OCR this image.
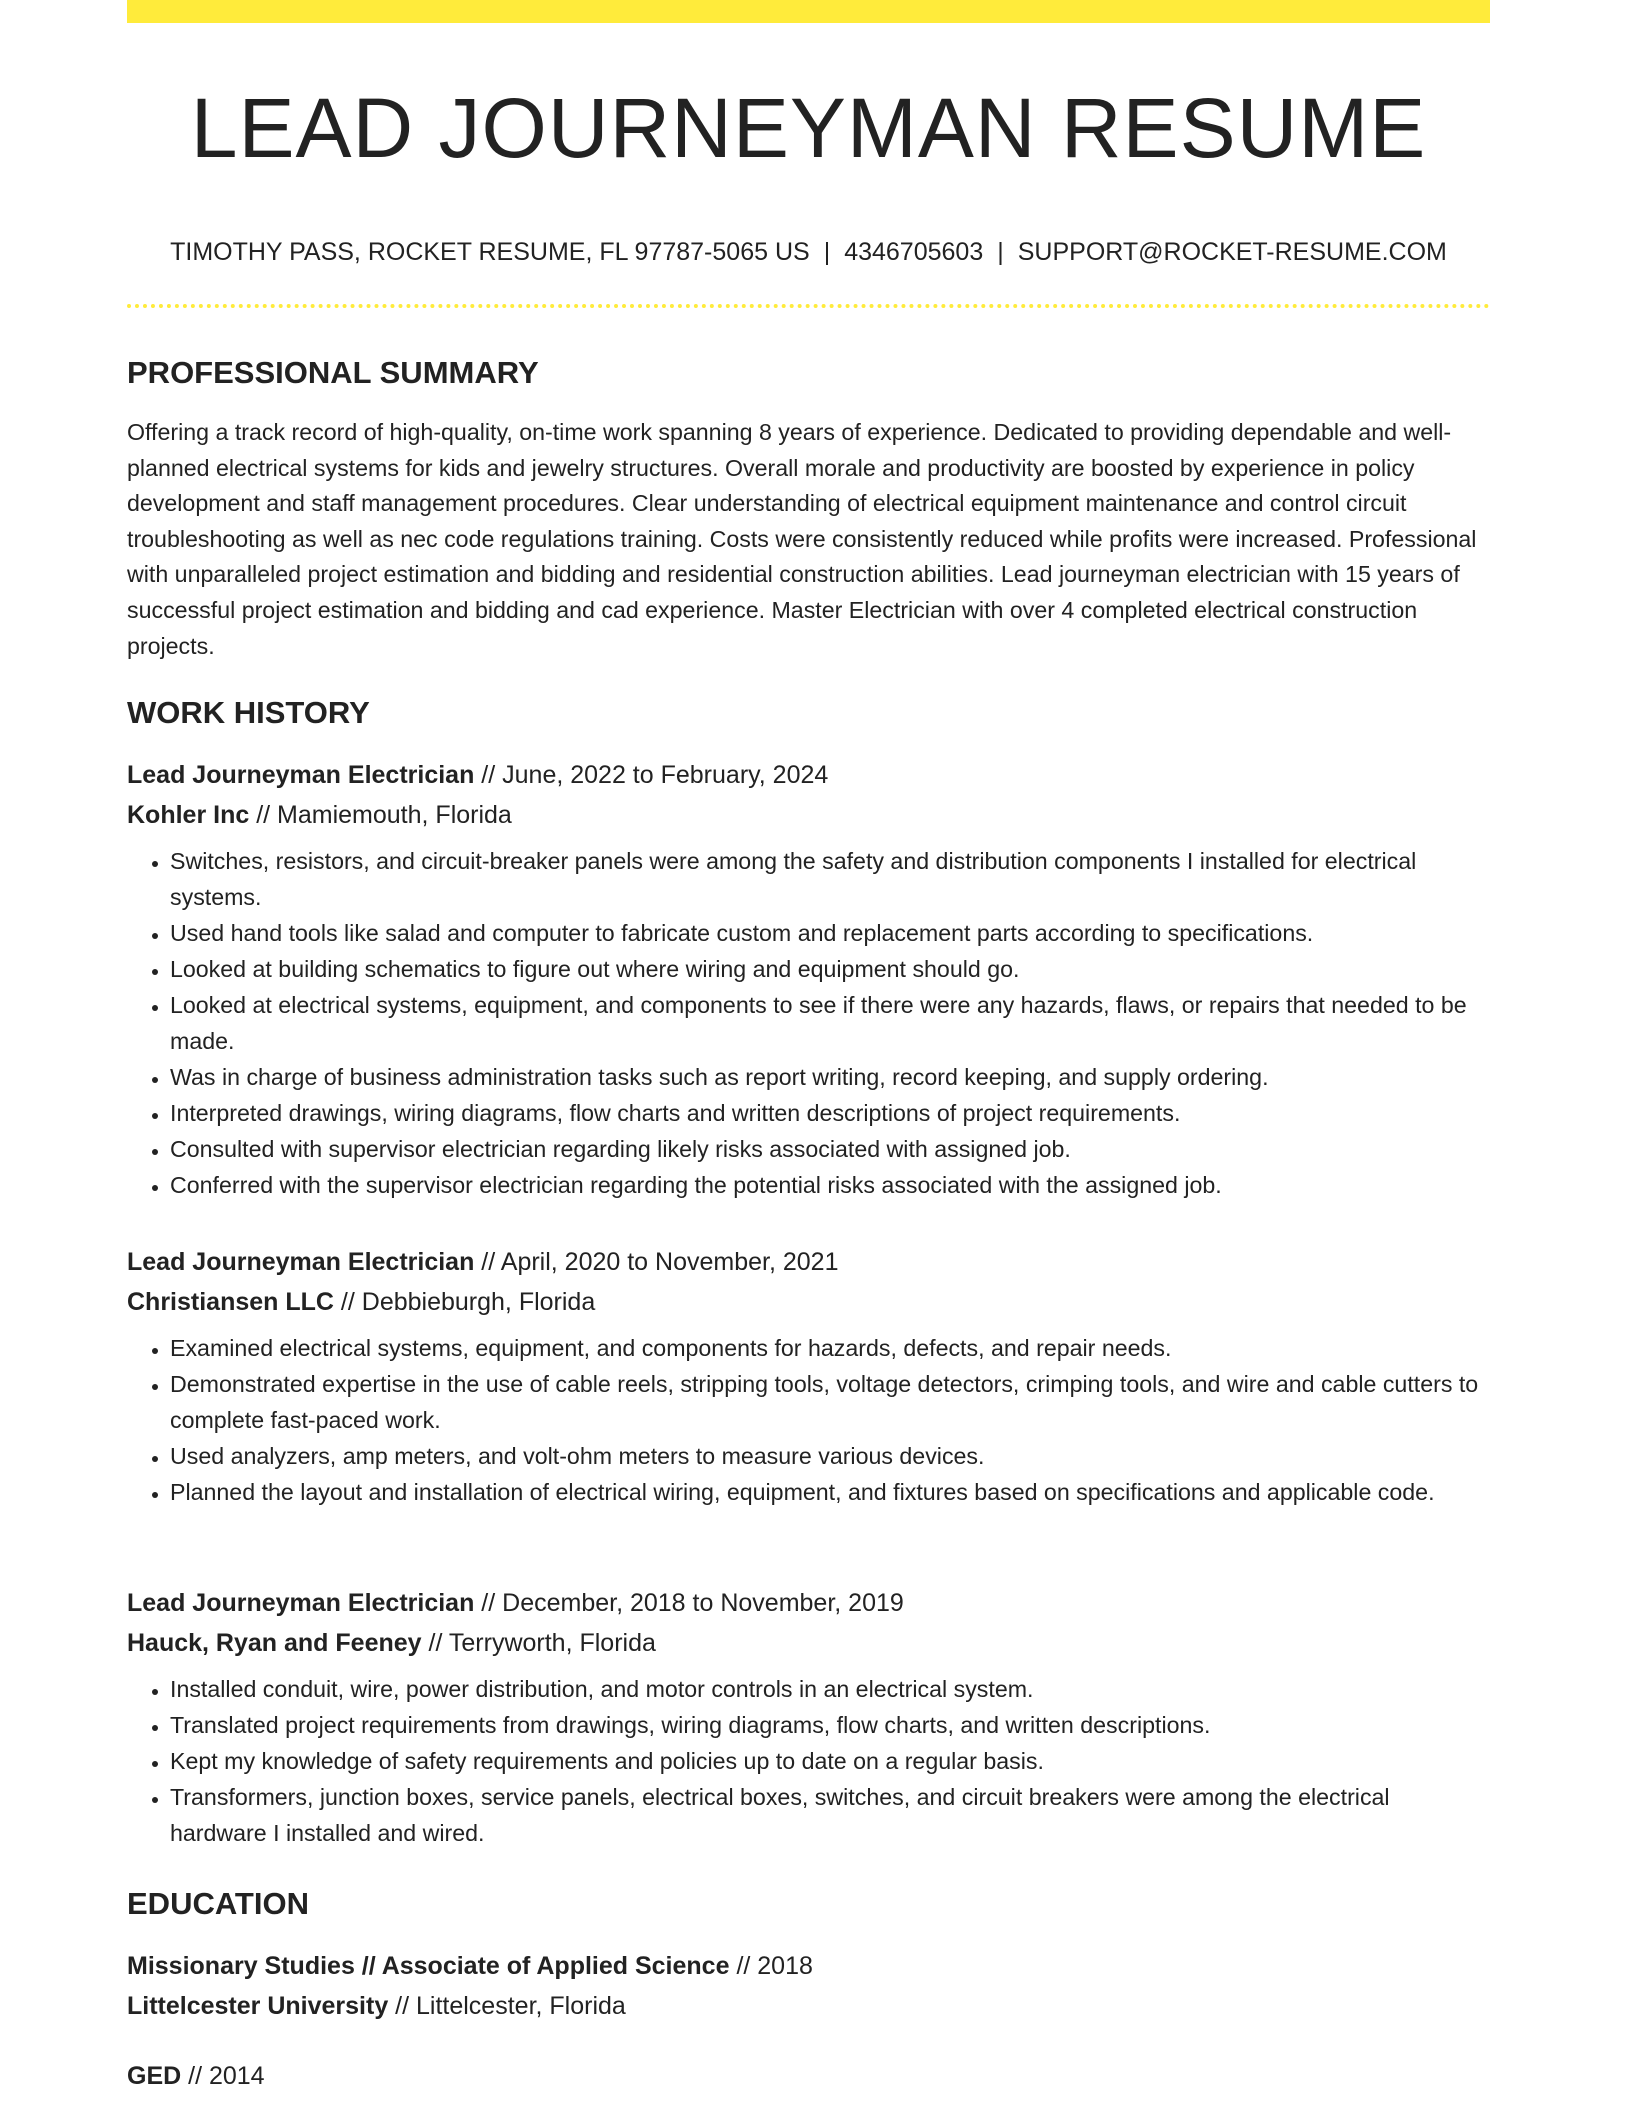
LEAD JOURNEYMAN RESUME
TIMOTHY PASS, ROCKET RESUME, FL 97787-5065 US | 4346705603 | SUPPORT@ROCKET-RESUME.COM
PROFESSIONAL SUMMARY

Offering a track record of high-quality, on-time work spanning 8 years of experience. Dedicated to providing dependable and well-planned electrical systems for kids and jewelry structures. Overall morale and productivity are boosted by experience in policy development and staff management procedures. Clear understanding of electrical equipment maintenance and control circuit troubleshooting as well as nec code regulations training. Costs were consistently reduced while profits were increased. Professional with unparalleled project estimation and bidding and residential construction abilities. Lead journeyman electrician with 15 years of successful project estimation and bidding and cad experience. Master Electrician with over 4 completed electrical construction projects.

WORK HISTORY
Lead Journeyman Electrician // June, 2022 to February, 2024
Kohler Inc // Mamiemouth, Florida
• Switches, resistors, and circuit-breaker panels were among the safety and distribution components I installed for electrical systems.
• Used hand tools like salad and computer to fabricate custom and replacement parts according to specifications.
• Looked at building schematics to figure out where wiring and equipment should go.
• Looked at electrical systems, equipment, and components to see if there were any hazards, flaws, or repairs that needed to be made.
• Was in charge of business administration tasks such as report writing, record keeping, and supply ordering.
• Interpreted drawings, wiring diagrams, flow charts and written descriptions of project requirements.
• Consulted with supervisor electrician regarding likely risks associated with assigned job.
• Conferred with the supervisor electrician regarding the potential risks associated with the assigned job.
Lead Journeyman Electrician // April, 2020 to November, 2021
Christiansen LLC // Debbieburgh, Florida
• Examined electrical systems, equipment, and components for hazards, defects, and repair needs.
• Demonstrated expertise in the use of cable reels, stripping tools, voltage detectors, crimping tools, and wire and cable cutters to complete fast-paced work.
• Used analyzers, amp meters, and volt-ohm meters to measure various devices.
• Planned the layout and installation of electrical wiring, equipment, and fixtures based on specifications and applicable code.
Lead Journeyman Electrician // December, 2018 to November, 2019
Hauck, Ryan and Feeney // Terryworth, Florida
• Installed conduit, wire, power distribution, and motor controls in an electrical system.
• Translated project requirements from drawings, wiring diagrams, flow charts, and written descriptions.
• Kept my knowledge of safety requirements and policies up to date on a regular basis.
• Transformers, junction boxes, service panels, electrical boxes, switches, and circuit breakers were among the electrical hardware I installed and wired.
EDUCATION
Missionary Studies // Associate of Applied Science // 2018
Littelcester University // Littelcester, Florida
GED // 2014
